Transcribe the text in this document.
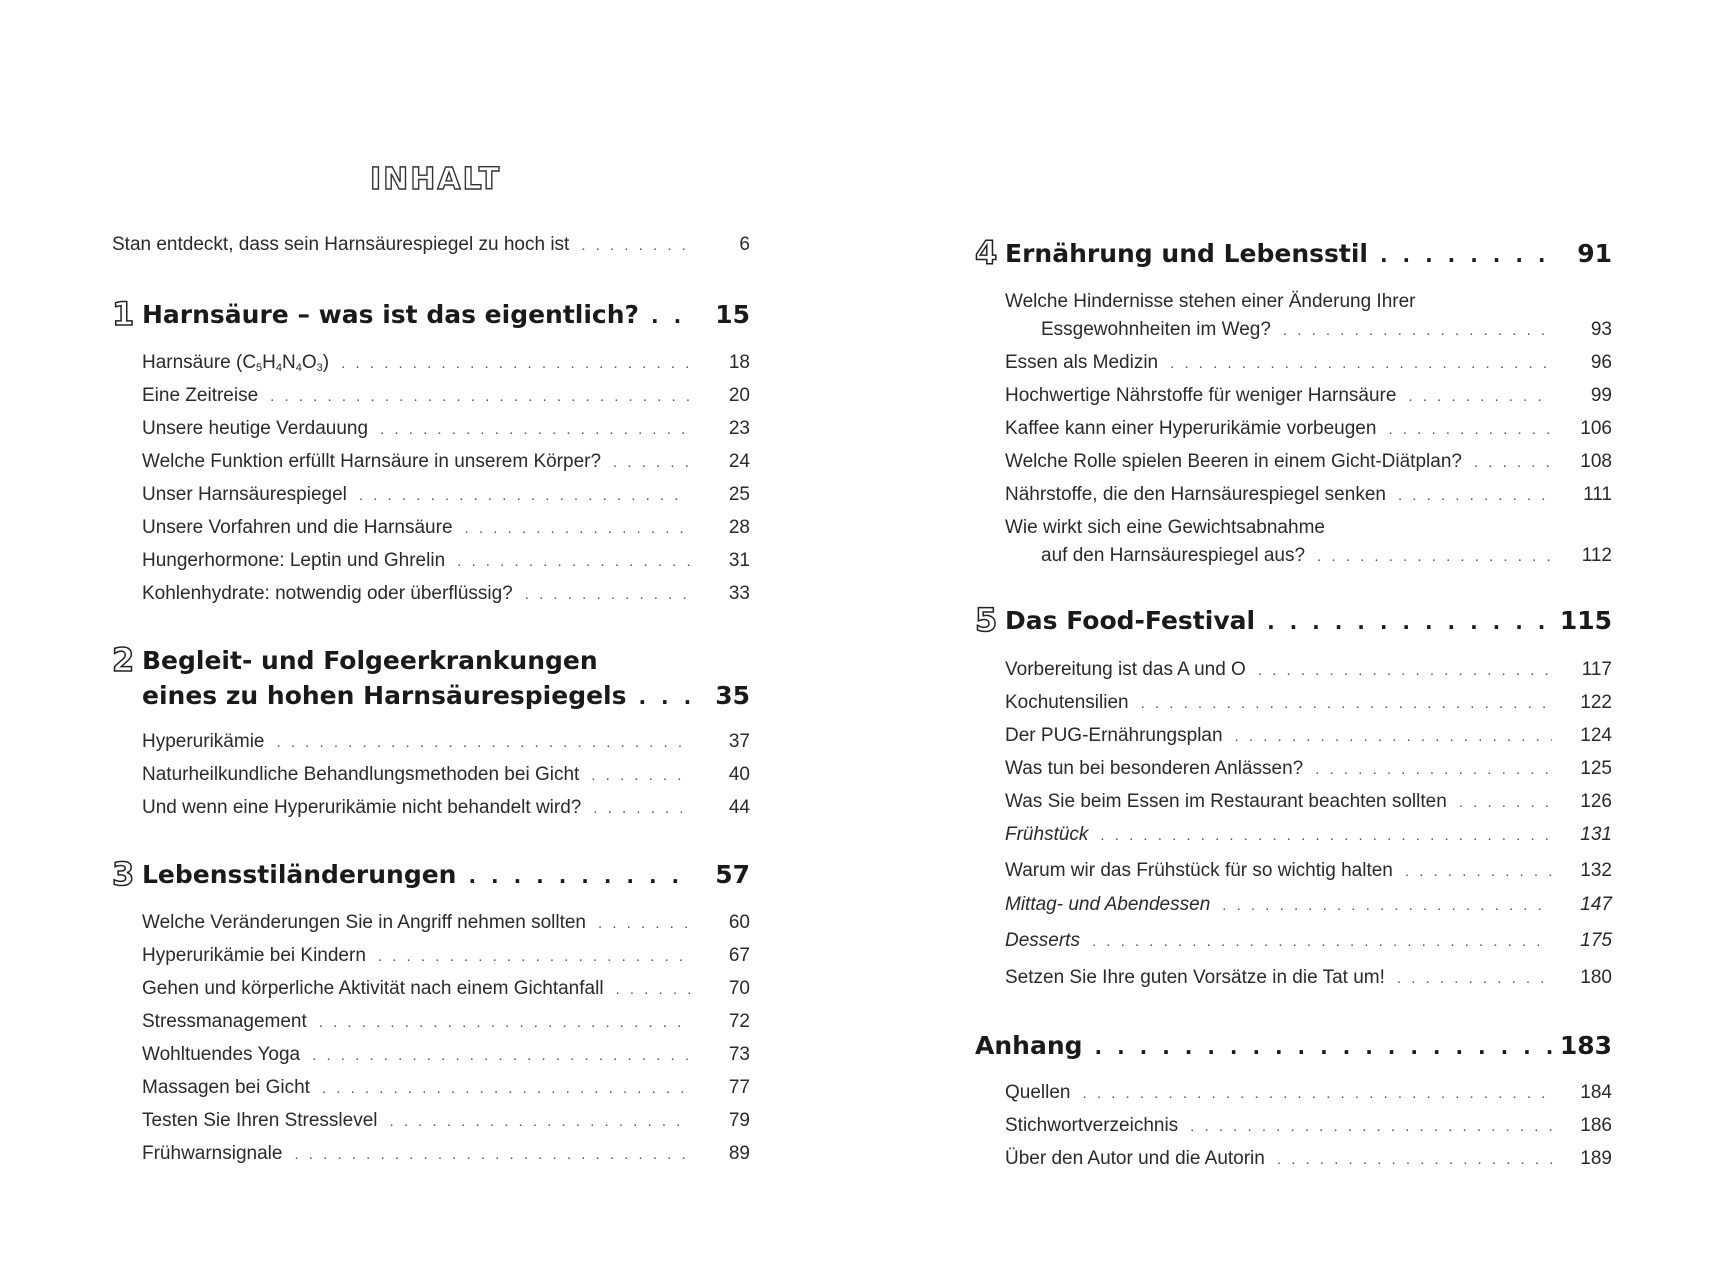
INHALT
Stan entdeckt, dass sein Harnsäurespiegel zu hoch ist . . .	6
1 Harnsäure – was ist das eigentlich? . . .	15
Harnsäure $(C_5H_4N_4O_3)$ . . .	18
Eine Zeitreise . . .	20
Unsere heutige Verdauung . . .	23
Welche Funktion erfüllt Harnsäure in unserem Körper? . . .	24
Unser Harnsäurespiegel . . .	25
Unsere Vorfahren und die Harnsäure . . .	28
Hungerhormone: Leptin und Ghrelin . . .	31
Kohlenhydrate: notwendig oder überflüssig? . . .	33
2 Begleit- und Folgeerkrankungen
eines zu hohen Harnsäurespiegels . . .	35
Hyperurikämie . . .	37
Naturheilkundliche Behandlungsmethoden bei Gicht . . .	40
Und wenn eine Hyperurikämie nicht behandelt wird? . . .	44
3 Lebensstiländerungen . . .	57
Welche Veränderungen Sie in Angriff nehmen sollten . . .	60
Hyperurikämie bei Kindern . . .	67
Gehen und körperliche Aktivität nach einem Gichtanfall . . .	70
Stressmanagement . . .	72
Wohltuendes Yoga . . .	73
Massagen bei Gicht . . .	77
Testen Sie Ihren Stresslevel . . .	79
Frühwarnsignale . . .	89
4 Ernährung und Lebensstil . . .	91
Welche Hindernisse stehen einer Änderung Ihrer
Essgewohnheiten im Weg? . . .	93
Essen als Medizin . . .	96
Hochwertige Nährstoffe für weniger Harnsäure . . .	99
Kaffee kann einer Hyperurikämie vorbeugen . . .	106
Welche Rolle spielen Beeren in einem Gicht-Diätplan? . . .	108
Nährstoffe, die den Harnsäurespiegel senken . . .	111
Wie wirkt sich eine Gewichtsabnahme
auf den Harnsäurespiegel aus? . . .	112
5 Das Food-Festival . . .	115
Vorbereitung ist das A und O . . .	117
Kochutensilien . . .	122
Der PUG-Ernährungsplan . . .	124
Was tun bei besonderen Anlässen? . . .	125
Was Sie beim Essen im Restaurant beachten sollten . . .	126
Frühstück . . .	131
Warum wir das Frühstück für so wichtig halten . . .	132
Mittag- und Abendessen . . .	147
Desserts . . .	175
Setzen Sie Ihre guten Vorsätze in die Tat um! . . .	180
Anhang . . .	183
Quellen . . .	184
Stichwortverzeichnis . . .	186
Über den Autor und die Autorin . . .	189
